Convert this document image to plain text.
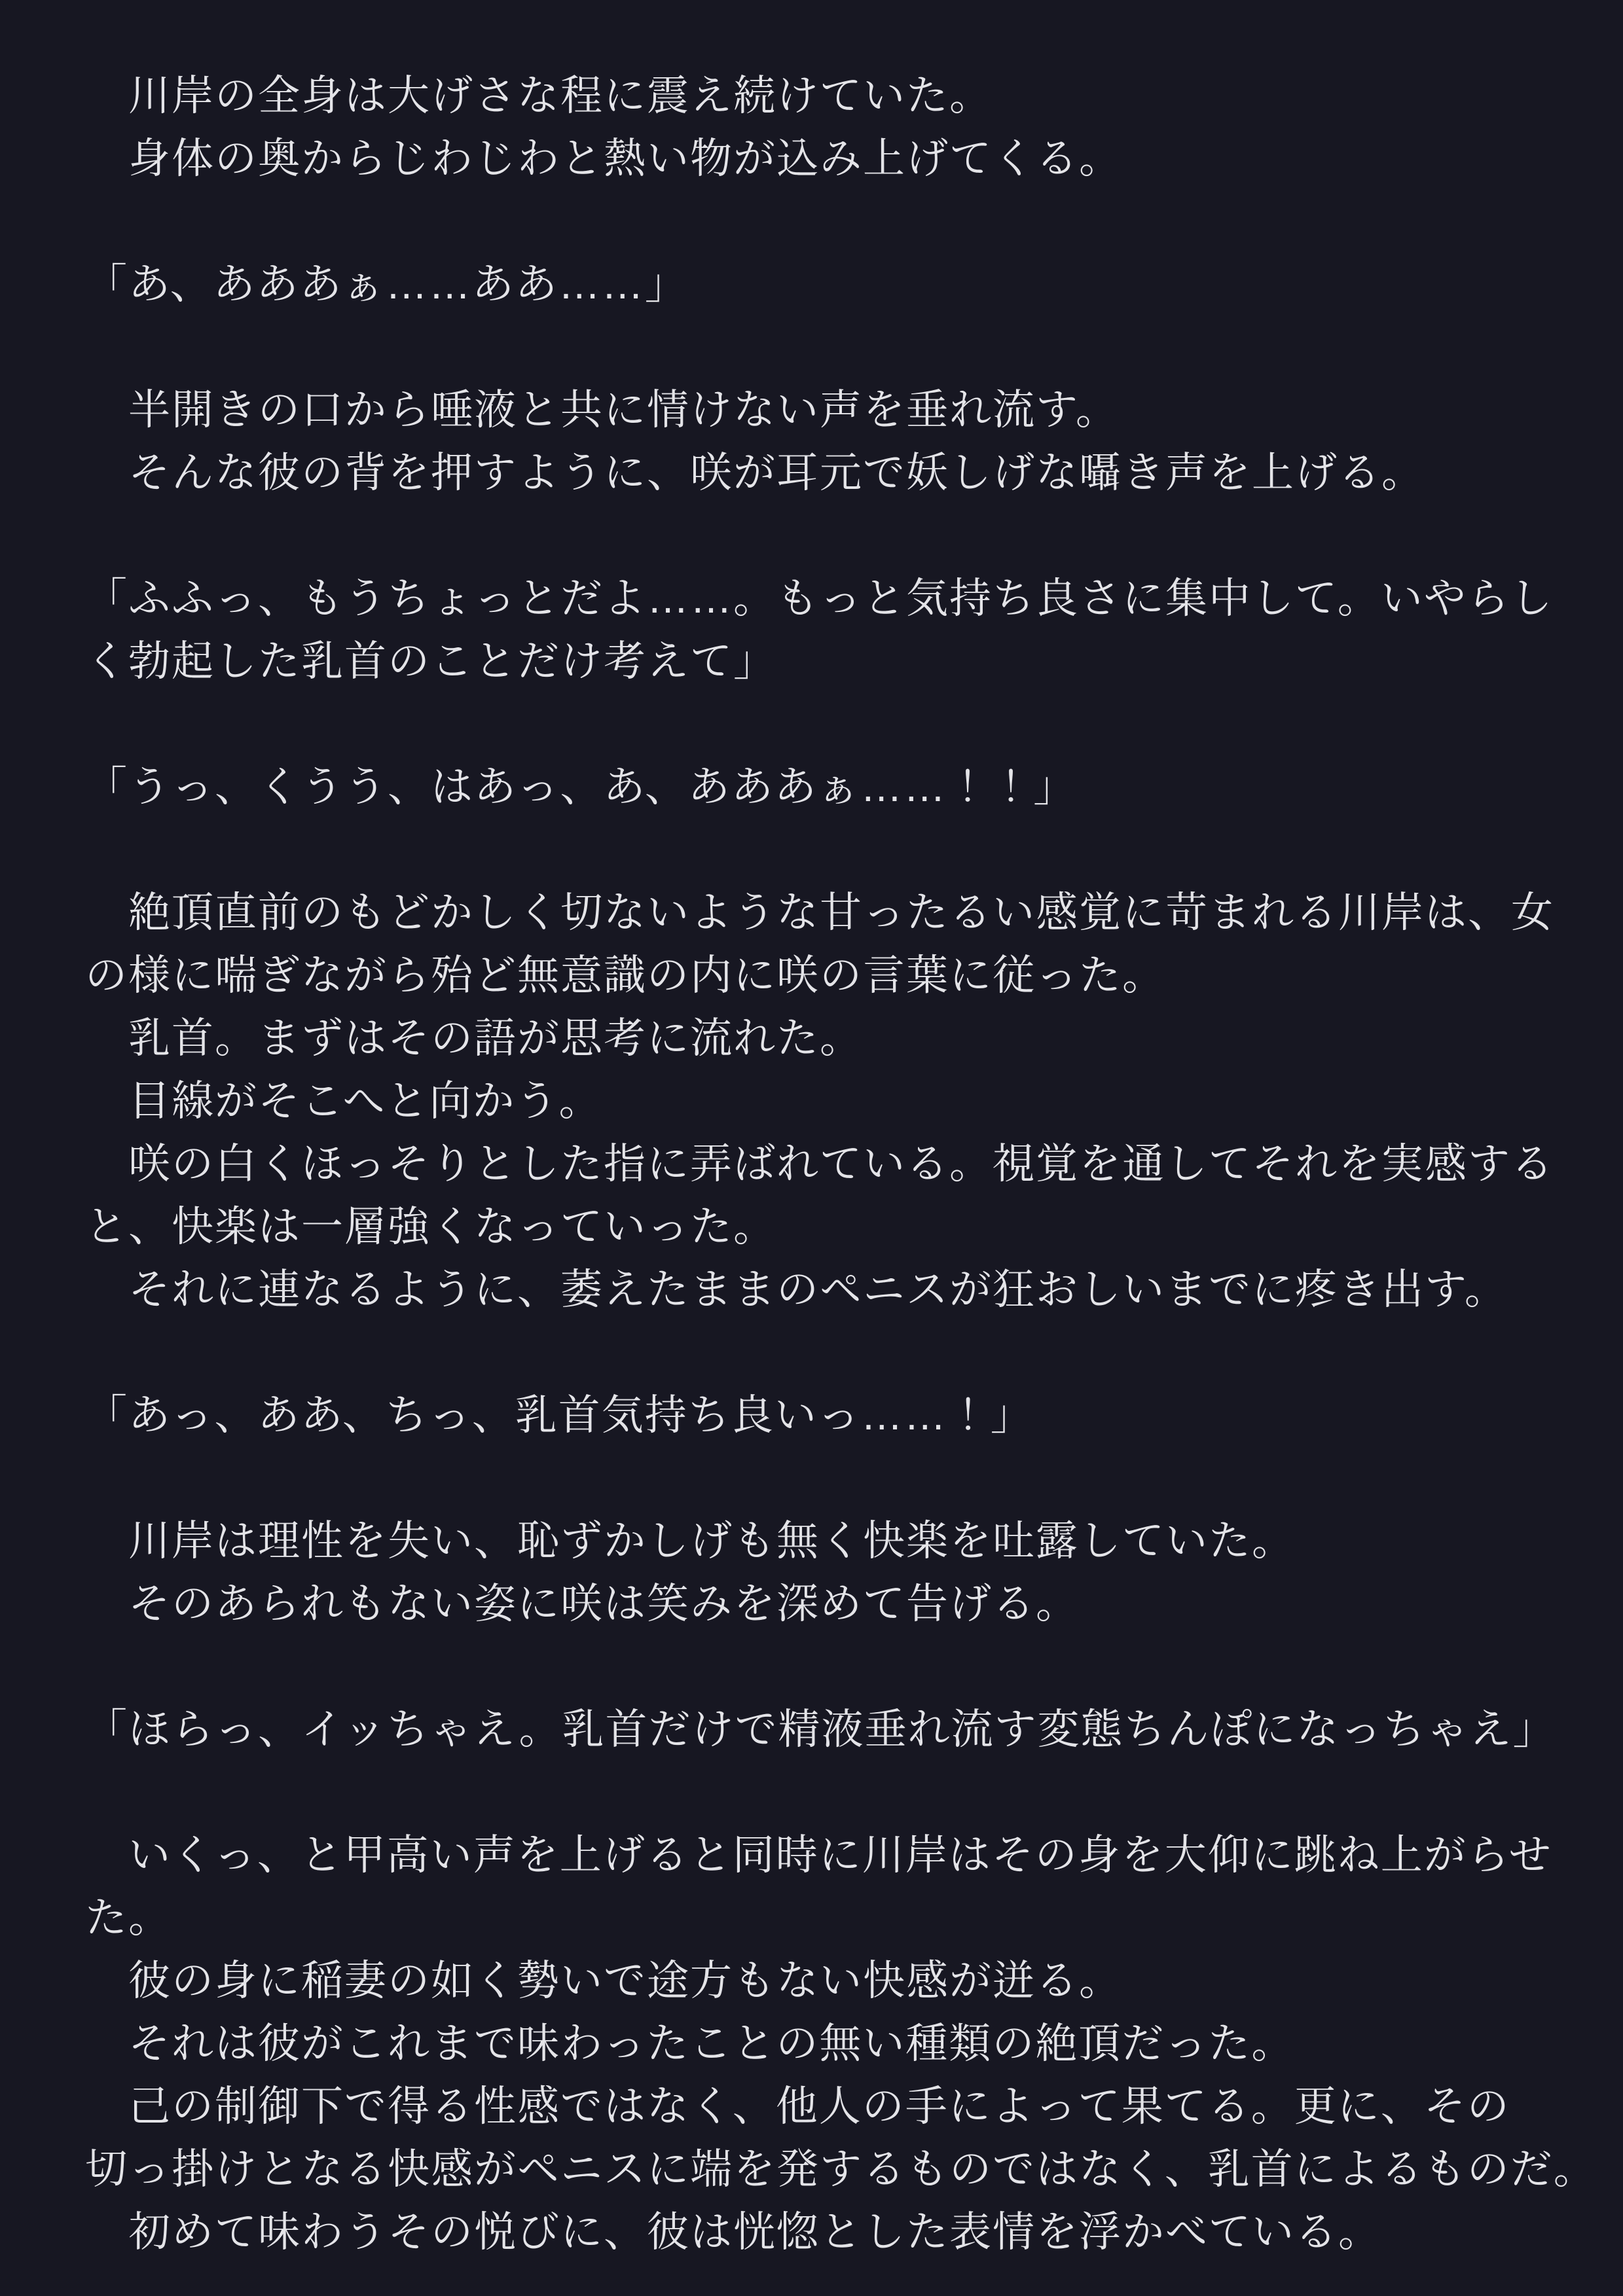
　川岸の全身は大げさな程に震え続けていた。
　身体の奥からじわじわと熱い物が込み上げてくる。

「あ、あああぁ……ああ……」

　半開きの口から唾液と共に情けない声を垂れ流す。
　そんな彼の背を押すように、咲が耳元で妖しげな囁き声を上げる。

「ふふっ、もうちょっとだよ……。もっと気持ち良さに集中して。いやらし
く勃起した乳首のことだけ考えて」

「うっ、くうう、はあっ、あ、あああぁ……！！」

　絶頂直前のもどかしく切ないような甘ったるい感覚に苛まれる川岸は、女
の様に喘ぎながら殆ど無意識の内に咲の言葉に従った。
　乳首。まずはその語が思考に流れた。
　目線がそこへと向かう。
　咲の白くほっそりとした指に弄ばれている。視覚を通してそれを実感する
と、快楽は一層強くなっていった。
　それに連なるように、萎えたままのペニスが狂おしいまでに疼き出す。

「あっ、ああ、ちっ、乳首気持ち良いっ……！」

　川岸は理性を失い、恥ずかしげも無く快楽を吐露していた。
　そのあられもない姿に咲は笑みを深めて告げる。

「ほらっ、イッちゃえ。乳首だけで精液垂れ流す変態ちんぽになっちゃえ」

　いくっ、と甲高い声を上げると同時に川岸はその身を大仰に跳ね上がらせ
た。
　彼の身に稲妻の如く勢いで途方もない快感が迸る。
　それは彼がこれまで味わったことの無い種類の絶頂だった。
　己の制御下で得る性感ではなく、他人の手によって果てる。更に、その
切っ掛けとなる快感がペニスに端を発するものではなく、乳首によるものだ。
　初めて味わうその悦びに、彼は恍惚とした表情を浮かべている。
